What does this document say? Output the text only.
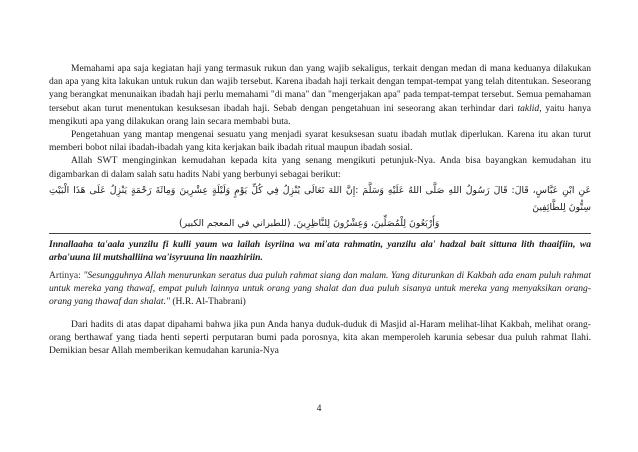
Memahami apa saja kegiatan haji yang termasuk rukun dan yang wajib sekaligus, terkait dengan medan di mana keduanya dilakukan dan apa yang kita lakukan untuk rukun dan wajib tersebut. Karena ibadah haji terkait dengan tempat-tempat yang telah ditentukan. Seseorang yang berangkat menunaikan ibadah haji perlu memahami "di mana" dan "mengerjakan apa" pada tempat-tempat tersebut. Semua pemahaman tersebut akan turut menentukan kesuksesan ibadah haji. Sebab dengan pengetahuan ini seseorang akan terhindar dari taklid, yaitu hanya mengikuti apa yang dilakukan orang lain secara membabi buta.

Pengetahuan yang mantap mengenai sesuatu yang menjadi syarat kesuksesan suatu ibadah mutlak diperlukan. Karena itu akan turut memberi bobot nilai ibadah-ibadah yang kita kerjakan baik ibadah ritual maupun ibadah sosial.

Allah SWT menginginkan kemudahan kepada kita yang senang mengikuti petunjuk-Nya. Anda bisa bayangkan kemudahan itu digambarkan di dalam salah satu hadits Nabi yang berbunyi sebagai berikut:

عَنِ ابْنِ عَبَّاسٍ، قَالَ: قَالَ رَسُولُ اللهِ صَلَّى اللهُ عَلَيْهِ وَسَلَّمَ :إِنَّ اللهَ تَعَالَى يُنْزِلُ فِي كُلِّ يَوْمٍ وَلَيْلَةٍ عِشْرِينَ وَمِائَةَ رَحْمَةٍ يَنْزِلُ عَلَى هَذَا الْبَيْتِ سِتُّونَ لِلطَّائِفِينَ

وَأَرْبَعُونَ لِلْمُصَلِّينَ، وَعِشْرُونَ لِلنَّاظِرِينَ. (للطبراني في المعجم الكبير)

Innallaaha ta'aala yunzilu fi kulli yaum wa lailah isyriina wa mi'ata rahmatin, yanzilu ala' hadzal bait sittuna lith thaaifiin, wa arba'uuna lil mutshalliina wa'isyruuna lin naazhiriin.

Artinya: "Sesungguhnya Allah menurunkan seratus dua puluh rahmat siang dan malam. Yang diturunkan di Kakbah ada enam puluh rahmat untuk mereka yang thawaf, empat puluh lainnya untuk orang yang shalat dan dua puluh sisanya untuk mereka yang menyaksikan orang-orang yang thawaf dan shalat." (H.R. Al-Thabrani)

Dari hadits di atas dapat dipahami bahwa jika pun Anda hanya duduk-duduk di Masjid al-Haram melihat-lihat Kakbah, melihat orang-orang berthawaf yang tiada henti seperti perputaran bumi pada porosnya, kita akan memperoleh karunia sebesar dua puluh rahmat Ilahi. Demikian besar Allah memberikan kemudahan karunia-Nya

4
